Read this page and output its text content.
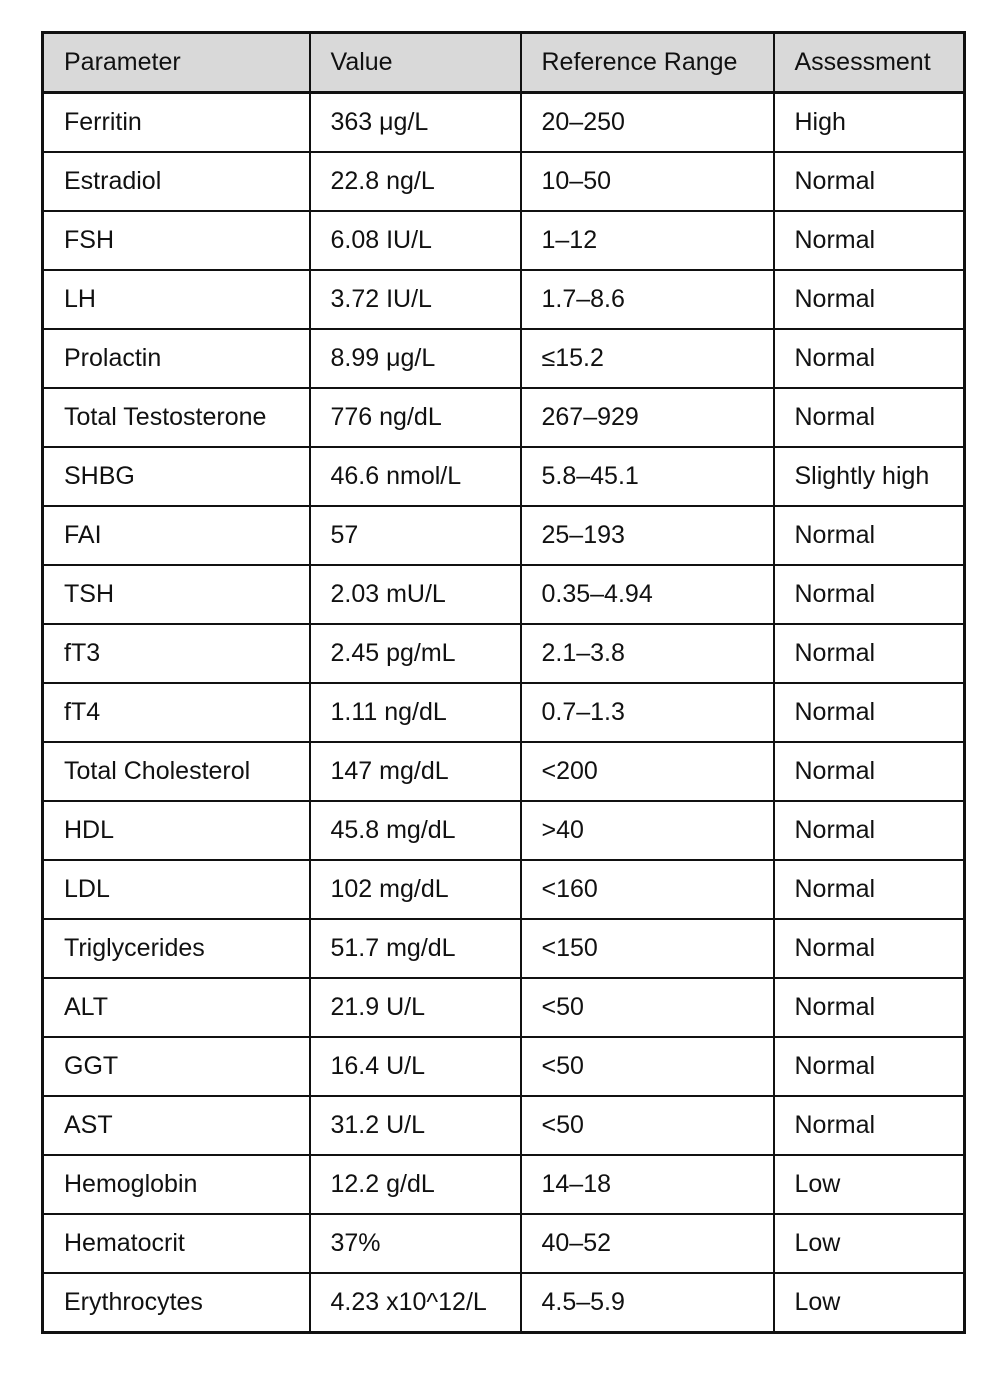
Parameter	Value	Reference Range	Assessment
Ferritin	363 μg/L	20–250	High
Estradiol	22.8 ng/L	10–50	Normal
FSH	6.08 IU/L	1–12	Normal
LH	3.72 IU/L	1.7–8.6	Normal
Prolactin	8.99 μg/L	≤15.2	Normal
Total Testosterone	776 ng/dL	267–929	Normal
SHBG	46.6 nmol/L	5.8–45.1	Slightly high
FAI	57	25–193	Normal
TSH	2.03 mU/L	0.35–4.94	Normal
fT3	2.45 pg/mL	2.1–3.8	Normal
fT4	1.11 ng/dL	0.7–1.3	Normal
Total Cholesterol	147 mg/dL	<200	Normal
HDL	45.8 mg/dL	>40	Normal
LDL	102 mg/dL	<160	Normal
Triglycerides	51.7 mg/dL	<150	Normal
ALT	21.9 U/L	<50	Normal
GGT	16.4 U/L	<50	Normal
AST	31.2 U/L	<50	Normal
Hemoglobin	12.2 g/dL	14–18	Low
Hematocrit	37%	40–52	Low
Erythrocytes	4.23 x10^12/L	4.5–5.9	Low
